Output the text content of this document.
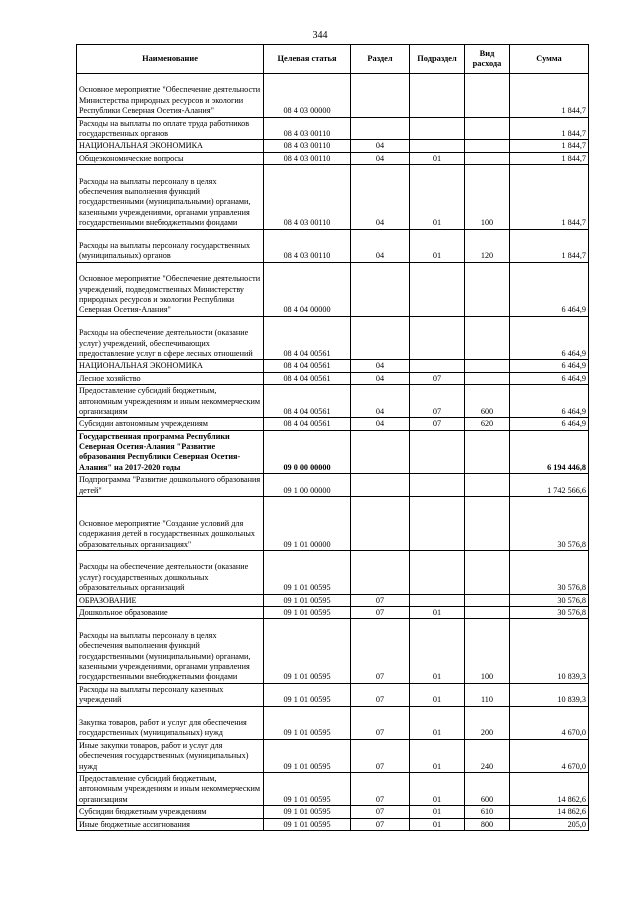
344
Наименование	Целевая статья	Раздел	Подраздел	Вид расхода	Сумма
Основное мероприятие "Обеспечение деятельности Министерства природных ресурсов и экологии Республики Северная Осетия-Алания"	08 4 03 00000				1 844,7
Расходы на выплаты по оплате труда работников государственных органов	08 4 03 00110				1 844,7
НАЦИОНАЛЬНАЯ ЭКОНОМИКА	08 4 03 00110	04			1 844,7
Общеэкономические вопросы	08 4 03 00110	04	01		1 844,7
Расходы на выплаты персоналу в целях обеспечения выполнения функций государственными (муниципальными) органами, казенными учреждениями, органами управления государственными внебюджетными фондами	08 4 03 00110	04	01	100	1 844,7
Расходы на выплаты персоналу государственных (муниципальных) органов	08 4 03 00110	04	01	120	1 844,7
Основное мероприятие "Обеспечение деятельности учреждений, подведомственных Министерству природных ресурсов и экологии Республики Северная Осетия-Алания"	08 4 04 00000				6 464,9
Расходы на обеспечение деятельности (оказание услуг) учреждений, обеспечивающих предоставление услуг в сфере лесных отношений	08 4 04 00561				6 464,9
НАЦИОНАЛЬНАЯ ЭКОНОМИКА	08 4 04 00561	04			6 464,9
Лесное хозяйство	08 4 04 00561	04	07		6 464,9
Предоставление субсидий бюджетным, автономным учреждениям и иным некоммерческим организациям	08 4 04 00561	04	07	600	6 464,9
Субсидии автономным учреждениям	08 4 04 00561	04	07	620	6 464,9
Государственная программа Республики Северная Осетия-Алания "Развитие образования Республики Северная Осетия-Алания" на 2017-2020 годы	09 0 00 00000				6 194 446,8
Подпрограмма "Развитие дошкольного образования детей"	09 1 00 00000				1 742 566,6
Основное мероприятие "Создание условий для содержания детей в государственных дошкольных образовательных организациях"	09 1 01 00000				30 576,8
Расходы на обеспечение деятельности (оказание услуг) государственных дошкольных образовательных организаций	09 1 01 00595				30 576,8
ОБРАЗОВАНИЕ	09 1 01 00595	07			30 576,8
Дошкольное образование	09 1 01 00595	07	01		30 576,8
Расходы на выплаты персоналу в целях обеспечения выполнения функций государственными (муниципальными) органами, казенными учреждениями, органами управления государственными внебюджетными фондами	09 1 01 00595	07	01	100	10 839,3
Расходы на выплаты персоналу казенных учреждений	09 1 01 00595	07	01	110	10 839,3
Закупка товаров, работ и услуг для обеспечения государственных (муниципальных) нужд	09 1 01 00595	07	01	200	4 670,0
Иные закупки товаров, работ и услуг для обеспечения государственных (муниципальных) нужд	09 1 01 00595	07	01	240	4 670,0
Предоставление субсидий бюджетным, автономным учреждениям и иным некоммерческим организациям	09 1 01 00595	07	01	600	14 862,6
Субсидии бюджетным учреждениям	09 1 01 00595	07	01	610	14 862,6
Иные бюджетные ассигнования	09 1 01 00595	07	01	800	205,0
